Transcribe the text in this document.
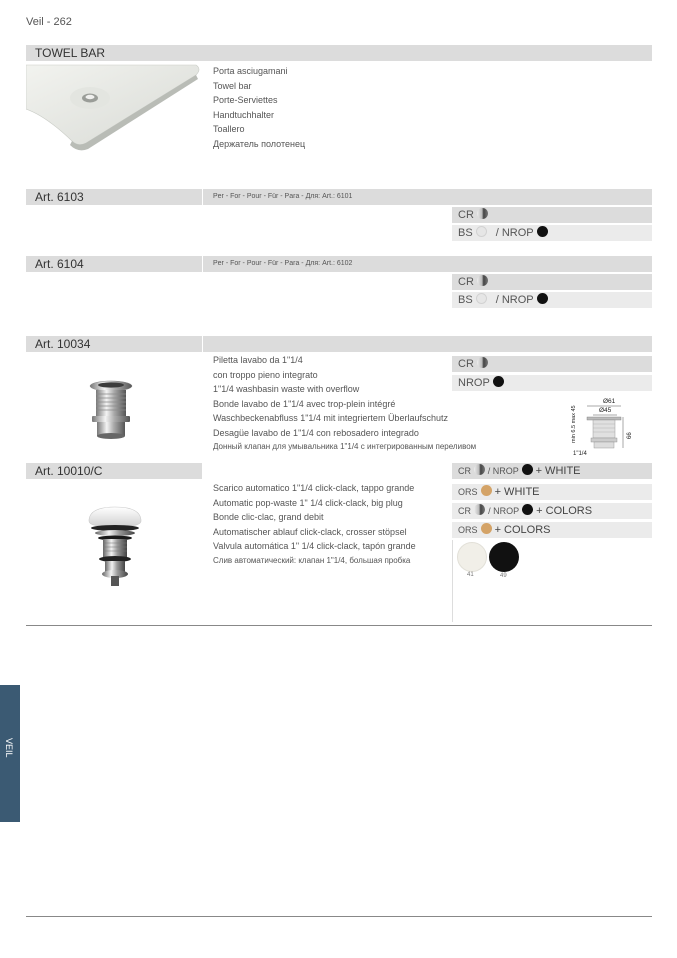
Veil - 262
TOWEL BAR
Porta asciugamani
Towel bar
Porte-Serviettes
Handtuchhalter
Toallero
Держатель полотенец
Art. 6103	Per - For - Pour - Für - Para - Для: Art.: 6101
CR
BS / NROP
Art. 6104	Per - For - Pour - Für - Para - Для: Art.: 6102
CR
BS / NROP
Art. 10034
Piletta lavabo da 1"1/4
con troppo pieno integrato
1"1/4 washbasin waste with overflow
Bonde lavabo de 1"1/4 avec trop-plein intégré
Waschbeckenabfluss 1"1/4 mit integriertem Überlaufschutz
Desagüe lavabo de 1"1/4 con rebosadero integrado
Донный клапан для умывальника 1"1/4 с интегрированным переливом
CR
NROP
Ø61
Ø45
66
min 6.5 max 45
1"1/4
Art. 10010/C	CR / NROP + WHITE
ORS + WHITE
CR / NROP + COLORS
ORS + COLORS
41	49
Scarico automatico 1"1/4 click-clack, tappo grande
Automatic pop-waste 1" 1/4 click-clack, big plug
Bonde clic-clac, grand debit
Automatischer ablauf click-clack, crosser stöpsel
Valvula automática 1" 1/4 click-clack, tapón grande
Слив автоматический: клапан 1"1/4, большая пробка
VEIL
